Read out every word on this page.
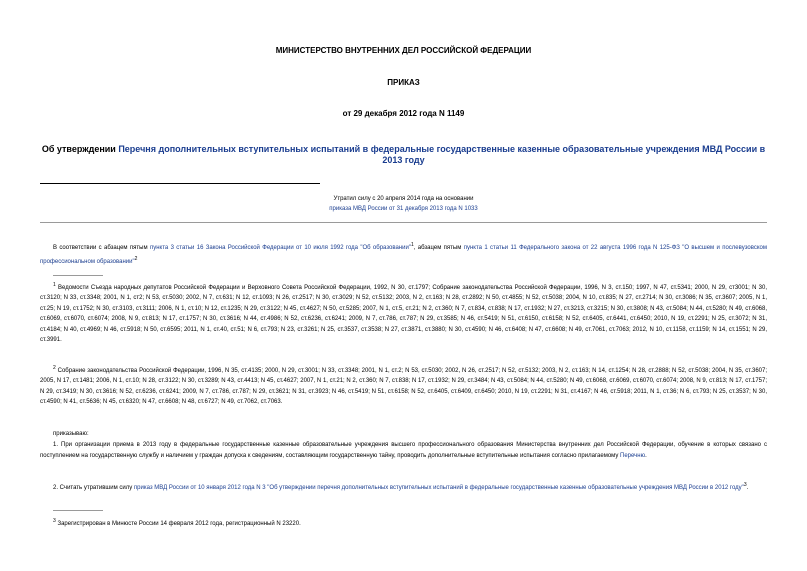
МИНИСТЕРСТВО ВНУТРЕННИХ ДЕЛ РОССИЙСКОЙ ФЕДЕРАЦИИ
ПРИКАЗ
от 29 декабря 2012 года N 1149
Об утверждении Перечня дополнительных вступительных испытаний в федеральные государственные казенные образовательные учреждения МВД России в 2013 году
Утратил силу с 20 апреля 2014 года на основании
приказа МВД России от 31 декабря 2013 года N 1033
В соответствии с абзацем пятым пункта 3 статьи 16 Закона Российской Федерации от 10 июля 1992 года "Об образовании"$^1$, абзацем пятым пункта 1 статьи 11 Федерального закона от 22 августа 1996 года N 125-ФЗ "О высшем и послевузовском профессиональном образовании"$^2$
$^1$ Ведомости Съезда народных депутатов Российской Федерации и Верховного Совета Российской Федерации, 1992, N 30, ст.1797; Собрание законодательства Российской Федерации, 1996, N 3, ст.150; 1997, N 47, ст.5341; 2000, N 29, ст3001; N 30, ст.3120; N 33, ст.3348; 2001, N 1, ст2; N 53, ст.5030; 2002, N 7, ст.631; N 12, ст.1093; N 26, ст.2517; N 30, ст.3029; N 52, ст.5132; 2003, N 2, ст.163; N 28, ст.2892; N 50, ст.4855; N 52, ст.5038; 2004, N 10, ст.835; N 27, ст.2714; N 30, ст.3086; N 35, ст.3607; 2005, N 1, ст.25; N 19, ст.1752; N 30, ст.3103, ст.3111; 2006, N 1, ст.10; N 12, ст.1235; N 29, ст.3122; N 45, ст.4627; N 50, ст.5285; 2007, N 1, ст.5, ст.21; N 2, ст.360; N 7, ст.834, ст.838; N 17, ст.1932; N 27, ст.3213, ст.3215; N 30, ст.3808; N 43, ст.5084; N 44, ст.5280; N 49, ст.6068, ст.6069, ст.6070, ст.6074; 2008, N 9, ст.813; N 17, ст.1757; N 30, ст.3616; N 44, ст.4986; N 52, ст.6236, ст.6241; 2009, N 7, ст.786, ст.787; N 29, ст.3585; N 46, ст.5419; N 51, ст.6150, ст.6158; N 52, ст.6405, ст.6441, ст.6450; 2010, N 19, ст.2291; N 25, ст.3072; N 31, ст.4184; N 40, ст.4969; N 46, ст.5918; N 50, ст.6595; 2011, N 1, ст.40, ст.51; N 6, ст.793; N 23, ст.3261; N 25, ст.3537, ст.3538; N 27, ст.3871, ст.3880; N 30, ст.4590; N 46, ст.6408; N 47, ст.6608; N 49, ст.7061, ст.7063; 2012, N 10, ст.1158, ст.1159; N 14, ст.1551; N 29, ст.3991.
$^2$ Собрание законодательства Российской Федерации, 1996, N 35, ст.4135; 2000, N 29, ст.3001; N 33, ст.3348; 2001, N 1, ст.2; N 53, ст.5030; 2002, N 26, ст.2517; N 52, ст.5132; 2003, N 2, ст.163; N 14, ст.1254; N 28, ст.2888; N 52, ст.5038; 2004, N 35, ст.3607; 2005, N 17, ст.1481; 2006, N 1, ст.10; N 28, ст.3122; N 30, ст.3289; N 43, ст.4413; N 45, ст.4627; 2007, N 1, ст.21; N 2, ст.360; N 7, ст.838; N 17, ст.1932; N 29, ст.3484; N 43, ст.5084; N 44, ст.5280; N 49, ст.6068, ст.6069, ст.6070, ст.6074; 2008, N 9, ст.813; N 17, ст.1757; N 29, ст.3419; N 30, ст.3616; N 52, ст.6236, ст.6241; 2009, N 7, ст.786, ст.787; N 29, ст.3621; N 31, ст.3923; N 46, ст.5419; N 51, ст.6158; N 52, ст.6405, ст.6409, ст.6450; 2010, N 19, ст.2291; N 31, ст.4167; N 46, ст.5918; 2011, N 1, ст.36; N 6, ст.793; N 25, ст.3537; N 30, ст.4590; N 41, ст.5636; N 45, ст.6320; N 47, ст.6608; N 48, ст.6727; N 49, ст.7062, ст.7063.
приказываю:
1. При организации приема в 2013 году в федеральные государственные казенные образовательные учреждения высшего профессионального образования Министерства внутренних дел Российской Федерации, обучение в которых связано с поступлением на государственную службу и наличием у граждан допуска к сведениям, составляющим государственную тайну, проводить дополнительные вступительные испытания согласно прилагаемому Перечню.
2. Считать утратившим силу приказ МВД России от 10 января 2012 года N 3 "Об утверждении перечня дополнительных вступительных испытаний в федеральные государственные казенные образовательные учреждения МВД России в 2012 году"$^3$.
$^3$ Зарегистрирован в Минюсте России 14 февраля 2012 года, регистрационный N 23220.
